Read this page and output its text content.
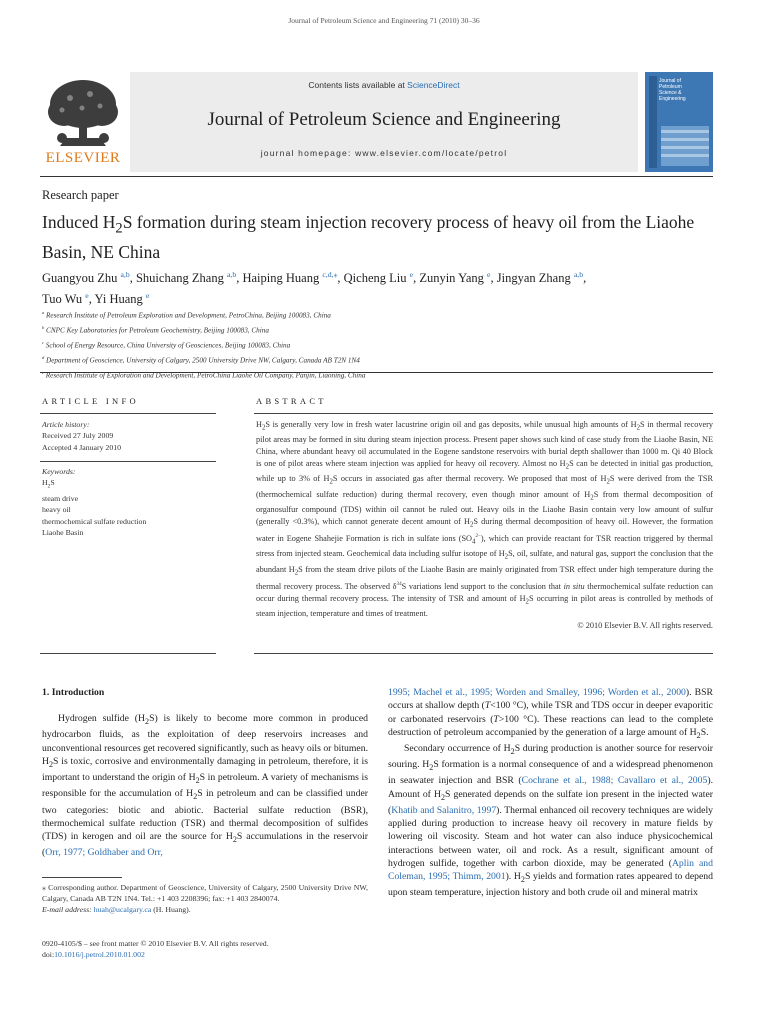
Journal of Petroleum Science and Engineering 71 (2010) 30–36
ELSEVIER
Contents lists available at ScienceDirect
Journal of Petroleum Science and Engineering
journal homepage: www.elsevier.com/locate/petrol
Journal of
Petroleum
Science &
Engineering
Research paper
Induced $H_2S$ formation during steam injection recovery process of heavy oil from the Liaohe Basin, NE China
Guangyou Zhu $^{a,b}$, Shuichang Zhang $^{a,b}$, Haiping Huang $^{c,d,⁎}$, Qicheng Liu $^e$, Zunyin Yang $^e$, Jingyan Zhang $^{a,b}$,
Tuo Wu $^e$, Yi Huang $^e$
$^a$ Research Institute of Petroleum Exploration and Development, PetroChina, Beijing 100083, China
$^b$ CNPC Key Laboratories for Petroleum Geochemistry, Beijing 100083, China
$^c$ School of Energy Resource, China University of Geosciences, Beijing 100083, China
$^d$ Department of Geoscience, University of Calgary, 2500 University Drive NW, Calgary, Canada AB T2N 1N4
$^e$ Research Institute of Exploration and Development, PetroChina Liaohe Oil Company, Panjin, Liaoning, China
ARTICLE INFO	ABSTRACT
Article history:
Received 27 July 2009
Accepted 4 January 2010
Keywords:
$H_2S$
steam drive
heavy oil
thermochemical sulfate reduction
Liaohe Basin
$H_2S$ is generally very low in fresh water lacustrine origin oil and gas deposits, while unusual high amounts of $H_2S$ in thermal recovery pilot areas may be formed in situ during steam injection process. Present paper shows such kind of case study from the Liaohe Basin, NE China, where abundant heavy oil accumulated in the Eogene sandstone reservoirs with burial depth shallower than 1000 m. Qi 40 Block is one of pilot areas where steam injection was applied for heavy oil recovery. Almost no $H_2S$ can be detected in initial gas production, while up to 3% of $H_2S$ occurs in associated gas after thermal recovery. We proposed that most of $H_2S$ were derived from the TSR (thermochemical sulfate reduction) during thermal recovery, even though minor amount of $H_2S$ from thermal decomposition of organosulfur compound (TDS) within oil cannot be ruled out. Heavy oils in the Liaohe Basin contain very low amount of sulfur (generally <0.3%), which cannot generate decent amount of $H_2S$ during thermal decomposition of heavy oil. However, the formation water in Eogene Shahejie Formation is rich in sulfate ions $(SO_4^{2-})$, which can provide reactant for TSR reaction triggered by thermal stress from injected steam. Geochemical data including sulfur isotope of $H_2S$, oil, sulfate, and natural gas, support the conclusion that the abundant $H_2S$ from the steam drive pilots of the Liaohe Basin are mainly originated from TSR effect under high temperature during the thermal recovery process. The observed $\delta^{34}S$ variations lend support to the conclusion that in situ thermochemical sulfate reduction can occur during thermal recovery process. The intensity of TSR and amount of $H_2S$ occurring in pilot areas is controlled by methods of steam injection, temperature and times of treatment.
© 2010 Elsevier B.V. All rights reserved.
1. Introduction

Hydrogen sulfide $(H_2S)$ is likely to become more common in produced hydrocarbon fluids, as the exploitation of deep reservoirs increases and unconventional resources get recovered significantly, such as heavy oils or bitumen. $H_2S$ is toxic, corrosive and environmentally damaging in petroleum, therefore, it is important to understand the origin of $H_2S$ in petroleum. A variety of mechanisms is responsible for the accumulation of $H_2S$ in petroleum and can be classified under two categories: biotic and abiotic. Bacterial sulfate reduction (BSR), thermochemical sulfate reduction (TSR) and thermal decomposition of sulfides (TDS) in kerogen and oil are the source for $H_2S$ accumulations in the reservoir (Orr, 1977; Goldhaber and Orr,

1995; Machel et al., 1995; Worden and Smalley, 1996; Worden et al., 2000). BSR occurs at shallow depth (T<100 °C), while TSR and TDS occur in deeper evaporitic or carbonated reservoirs (T>100 °C). These reactions can lead to the complete destruction of petroleum accompanied by the generation of a large amount of $H_2S$.

Secondary occurrence of $H_2S$ during production is another source for reservoir souring. $H_2S$ formation is a normal consequence of and a widespread phenomenon in seawater injection and BSR (Cochrane et al., 1988; Cavallaro et al., 2005). Amount of $H_2S$ generated depends on the sulfate ion present in the injected water (Khatib and Salanitro, 1997). Thermal enhanced oil recovery techniques are widely applied during production to increase heavy oil recovery in mature fields by lowering oil viscosity. Steam and hot water can also induce physicochemical interactions between water, oil and rock. As a result, significant amount of hydrogen sulfide, together with carbon dioxide, may be generated (Aplin and Coleman, 1995; Thimm, 2001). $H_2S$ yields and formation rates appeared to depend upon steam temperature, injection history and both crude oil and mineral matrix

⁎ Corresponding author. Department of Geoscience, University of Calgary, 2500 University Drive NW, Calgary, Canada AB T2N 1N4. Tel.: +1 403 2208396; fax: +1 403 2840074.
E-mail address: huah@ucalgary.ca (H. Huang).
0920-4105/$ – see front matter © 2010 Elsevier B.V. All rights reserved.
doi:10.1016/j.petrol.2010.01.002
